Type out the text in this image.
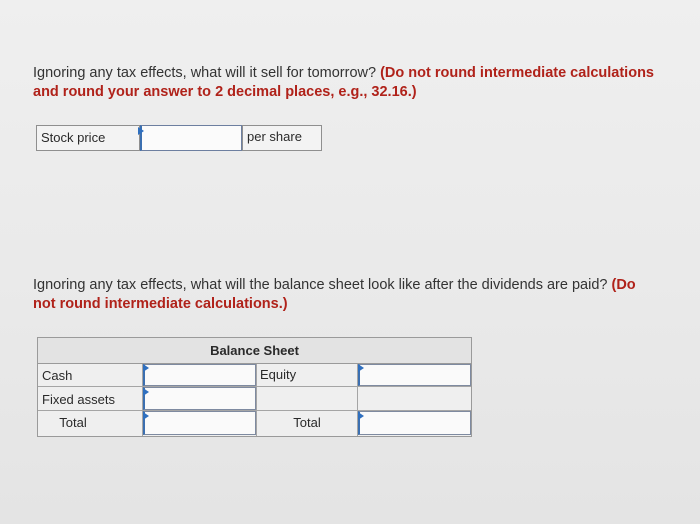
Ignoring any tax effects, what will it sell for tomorrow? (Do not round intermediate calculations and round your answer to 2 decimal places, e.g., 32.16.)
Stock price	per share
Ignoring any tax effects, what will the balance sheet look like after the dividends are paid? (Do not round intermediate calculations.)
Balance Sheet
Cash	Equity
Fixed assets
Total	Total
